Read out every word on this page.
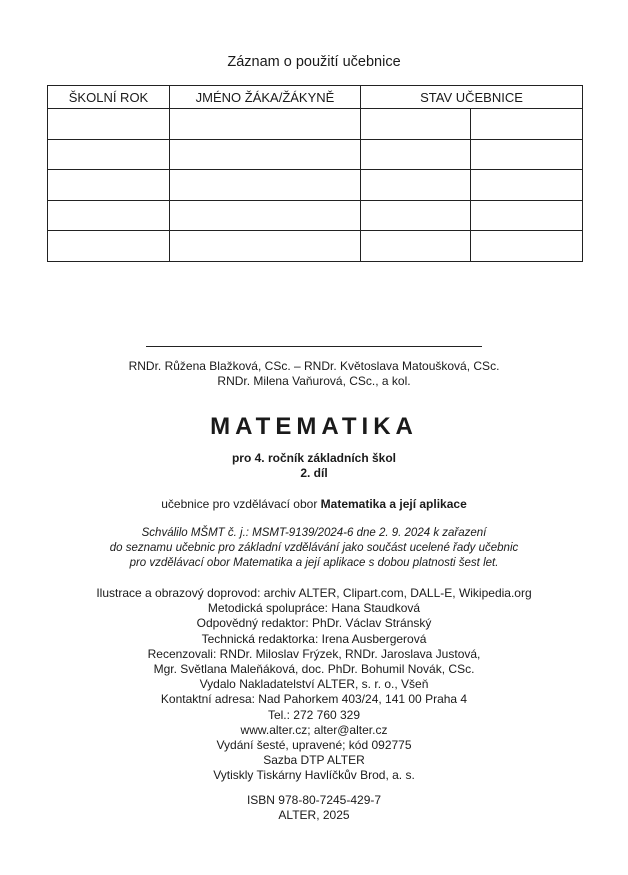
Záznam o použití učebnice
ŠKOLNÍ ROK	JMÉNO ŽÁKA/ŽÁKYNĚ	STAV UČEBNICE	

RNDr. Růžena Blažková, CSc. – RNDr. Květoslava Matoušková, CSc.
RNDr. Milena Vaňurová, CSc., a kol.
MATEMATIKA
pro 4. ročník základních škol
2. díl
učebnice pro vzdělávací obor Matematika a její aplikace
Schválilo MŠMT č. j.: MSMT-9139/2024-6 dne 2. 9. 2024 k zařazení
do seznamu učebnic pro základní vzdělávání jako součást ucelené řady učebnic
pro vzdělávací obor Matematika a její aplikace s dobou platnosti šest let.
Ilustrace a obrazový doprovod: archiv ALTER, Clipart.com, DALL-E, Wikipedia.org
Metodická spolupráce: Hana Staudková
Odpovědný redaktor: PhDr. Václav Stránský
Technická redaktorka: Irena Ausbergerová
Recenzovali: RNDr. Miloslav Frýzek, RNDr. Jaroslava Justová,
Mgr. Světlana Maleňáková, doc. PhDr. Bohumil Novák, CSc.
Vydalo Nakladatelství ALTER, s. r. o., Všeň
Kontaktní adresa: Nad Pahorkem 403/24, 141 00 Praha 4
Tel.: 272 760 329
www.alter.cz; alter@alter.cz
Vydání šesté, upravené; kód 092775
Sazba DTP ALTER
Vytiskly Tiskárny Havlíčkův Brod, a. s.
ISBN 978-80-7245-429-7
ALTER, 2025
